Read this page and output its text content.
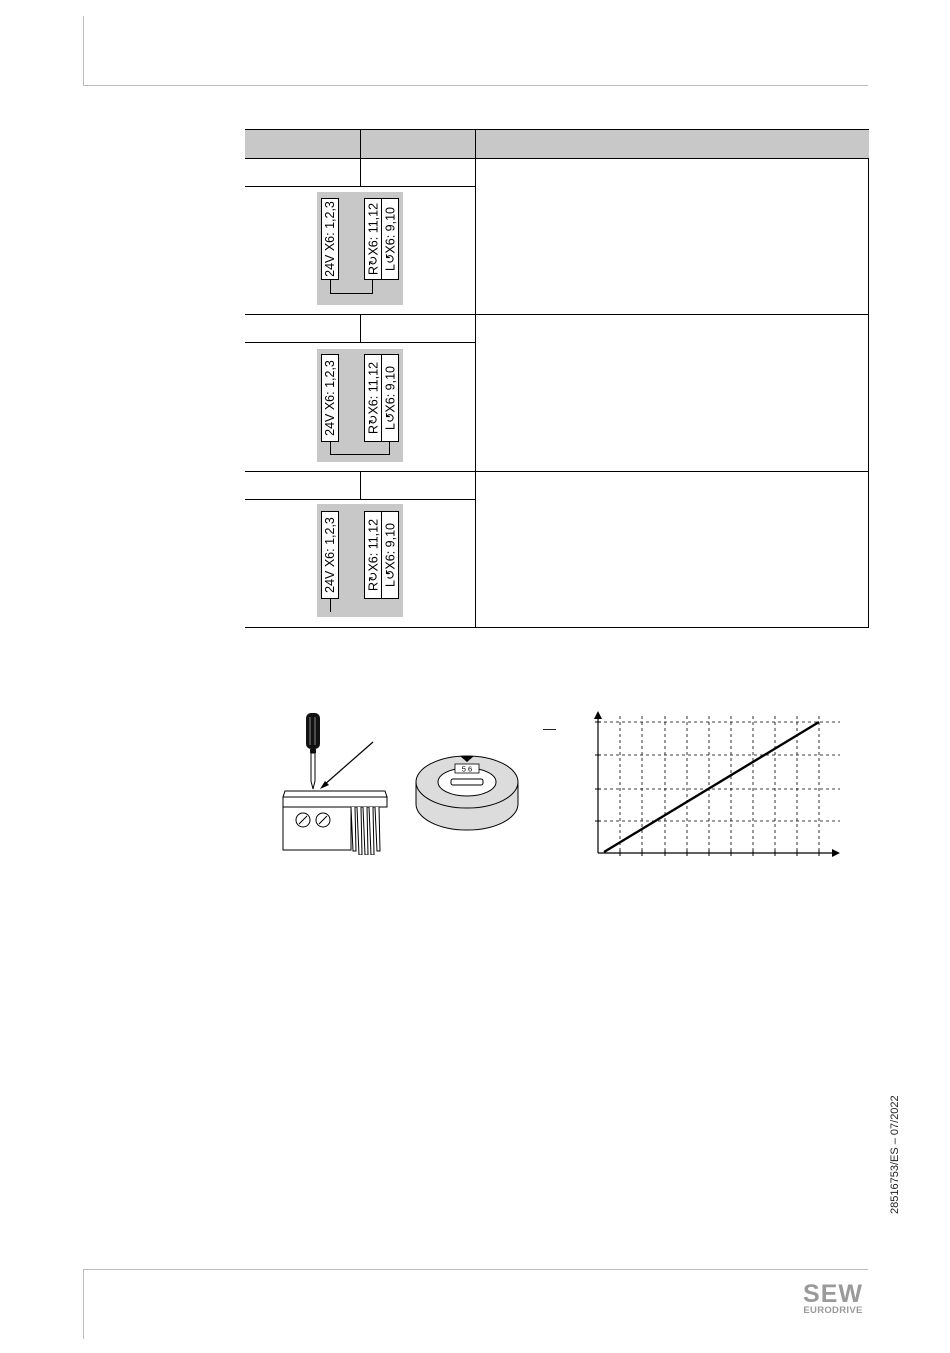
24V X6: 1,2,3 R↻X6: 11,12 L↺X6: 9,10
24V X6: 1,2,3 R↻X6: 11,12 L↺X6: 9,10
24V X6: 1,2,3 R↻X6: 11,12 L↺X6: 9,10
5 6
—
28516753/ES – 07/2022
SEW
EURODRIVE
